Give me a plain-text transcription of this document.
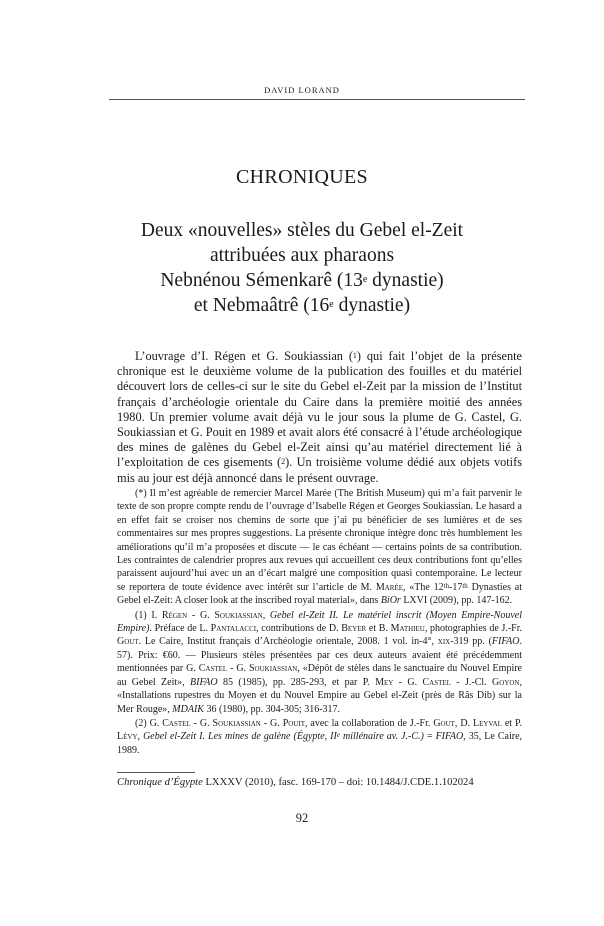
DAVID LORAND
CHRONIQUES
Deux «nouvelles» stèles du Gebel el-Zeit
attribuées aux pharaons
Nebnénou Sémenkarê (13e dynastie)
et Nebmaâtrê (16e dynastie)

L’ouvrage d’I. Régen et G. Soukiassian ($^1$) qui fait l’objet de la présente chronique est le deuxième volume de la publication des fouilles et du matériel découvert lors de celles-ci sur le site du Gebel el-Zeit par la mission de l’Institut français d’archéologie orientale du Caire dans la première moitié des années 1980. Un premier volume avait déjà vu le jour sous la plume de G. Castel, G. Soukiassian et G. Pouit en 1989 et avait alors été consacré à l’étude archéologique des mines de galènes du Gebel el-Zeit ainsi qu’au matériel directement lié à l’exploitation de ces gisements ($^2$). Un troisième volume dédié aux objets votifs mis au jour est déjà annoncé dans le présent ouvrage.

(*) Il m’est agréable de remercier Marcel Marée (The British Museum) qui m’a fait parvenir le texte de son propre compte rendu de l’ouvrage d’Isabelle Régen et Georges Soukiassian. Le hasard a en effet fait se croiser nos chemins de sorte que j’ai pu bénéficier de ses lumières et de ses commentaires sur mes propres suggestions. La présente chronique intègre donc très humblement les améliorations qu’il m’a proposées et discute — le cas échéant — certains points de sa contribution. Les contraintes de calendrier propres aux revues qui accueillent ces deux contributions font qu’elles paraissent aujourd’hui avec un an d’écart malgré une composition quasi contemporaine. Le lecteur se reportera de toute évidence avec intérêt sur l’article de M. Marée, «The 12th-17th Dynasties at Gebel el-Zeit: A closer look at the inscribed royal material», dans BiOr LXVI (2009), pp. 147-162.

(1) I. Régen - G. Soukiassian, Gebel el-Zeit II. Le matériel inscrit (Moyen Empire-Nouvel Empire). Préface de L. Pantalacci, contributions de D. Beyer et B. Mathieu, photographies de J.-Fr. Gout. Le Caire, Institut français d’Archéologie orientale, 2008. 1 vol. in-4°, xix-319 pp. (FIFAO. 57). Prix: €60. — Plusieurs stèles présentées par ces deux auteurs avaient été précédemment mentionnées par G. Castel - G. Soukiassian, «Dépôt de stèles dans le sanctuaire du Nouvel Empire au Gebel Zeit», BIFAO 85 (1985), pp. 285-293, et par P. Mey - G. Castel - J.-Cl. Goyon, «Installations rupestres du Moyen et du Nouvel Empire au Gebel el-Zeit (près de Râs Dib) sur la Mer Rouge», MDAIK 36 (1980), pp. 304-305; 316-317.

(2) G. Castel - G. Soukiassian - G. Pouit, avec la collaboration de J.-Fr. Gout, D. Leyval et P. Lévy, Gebel el-Zeit I. Les mines de galène (Égypte, IIe millénaire av. J.-C.) = FIFAO, 35, Le Caire, 1989.

Chronique d’Égypte LXXXV (2010), fasc. 169-170 – doi: 10.1484/J.CDE.1.102024
92
